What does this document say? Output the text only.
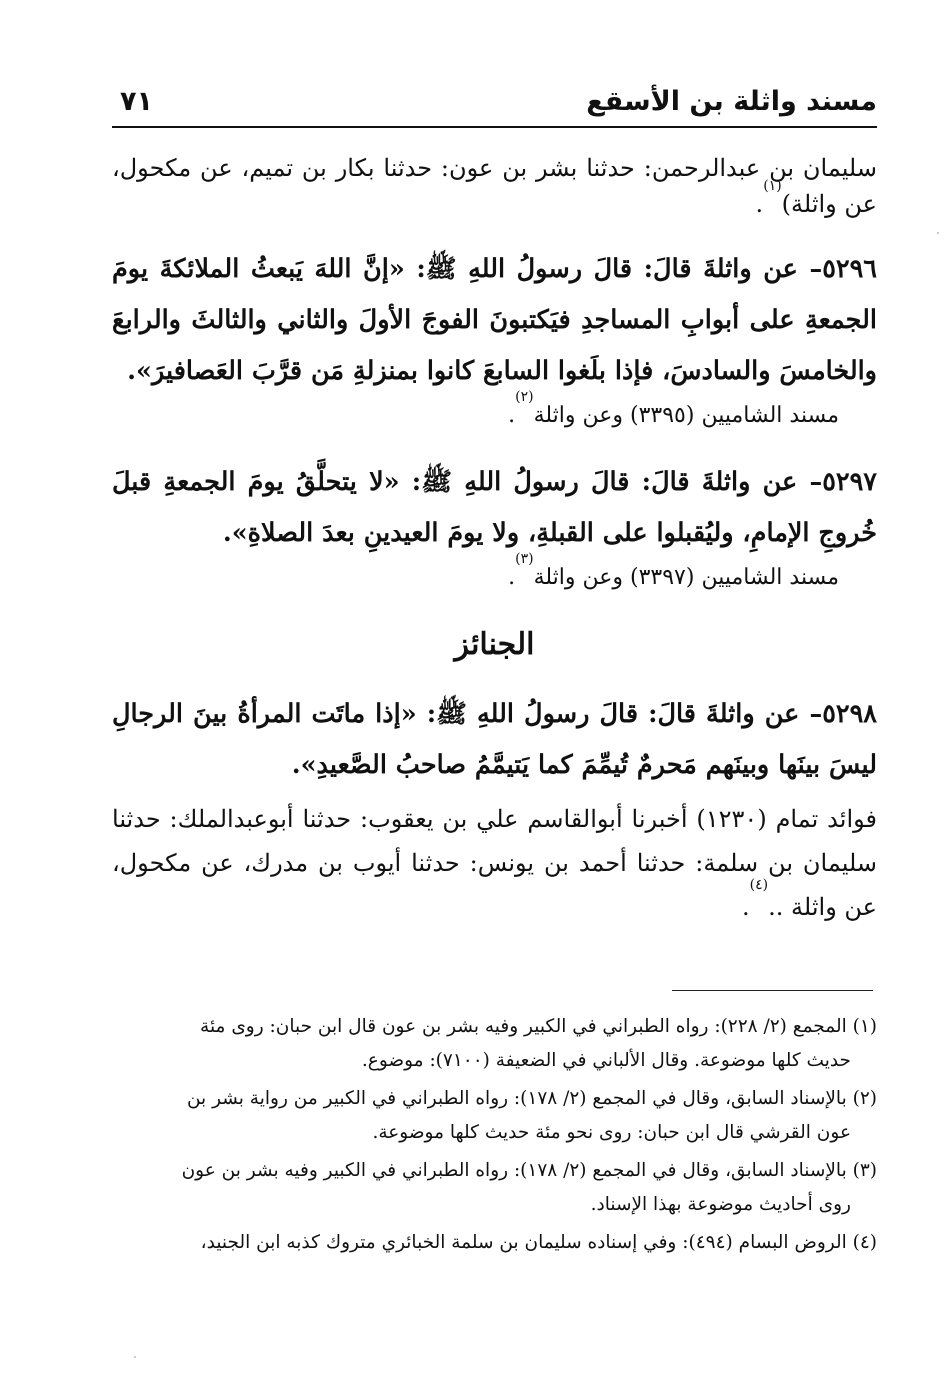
مسند واثلة بن الأسقع
٧١

سليمان بن عبدالرحمن: حدثنا بشر بن عون: حدثنا بكار بن تميم، عن مكحول، عن واثلة)$^{(١)}$.

٥٢٩٦– عن واثلةَ قالَ: قالَ رسولُ اللهِ ﷺ: «إنَّ اللهَ يَبعثُ الملائكةَ يومَ الجمعةِ على أبوابِ المساجدِ فيَكتبونَ الفوجَ الأولَ والثاني والثالثَ والرابعَ والخامسَ والسادسَ، فإذا بلَغوا السابعَ كانوا بمنزلةِ مَن قرَّبَ العَصافيرَ».

مسند الشاميين (٣٣٩٥) وعن واثلة$^{(٢)}$.

٥٢٩٧– عن واثلةَ قالَ: قالَ رسولُ اللهِ ﷺ: «لا يتحلَّقُ يومَ الجمعةِ قبلَ خُروجِ الإمامِ، وليُقبلوا على القبلةِ، ولا يومَ العيدينِ بعدَ الصلاةِ».

مسند الشاميين (٣٣٩٧) وعن واثلة$^{(٣)}$.

الجنائز

٥٢٩٨– عن واثلةَ قالَ: قالَ رسولُ اللهِ ﷺ: «إذا ماتَت المرأةُ بينَ الرجالِ ليسَ بينَها وبينَهم مَحرمٌ تُيمِّمَ كما يَتيمَّمُ صاحبُ الصَّعيدِ».

فوائد تمام (١٢٣٠) أخبرنا أبوالقاسم علي بن يعقوب: حدثنا أبوعبدالملك: حدثنا سليمان بن سلمة: حدثنا أحمد بن يونس: حدثنا أيوب بن مدرك، عن مكحول، عن واثلة ..$^{(٤)}$.

(١) المجمع (٢/ ٢٢٨): رواه الطبراني في الكبير وفيه بشر بن عون قال ابن حبان: روى مئة
حديث كلها موضوعة. وقال الألباني في الضعيفة (٧١٠٠): موضوع.

(٢) بالإسناد السابق، وقال في المجمع (٢/ ١٧٨): رواه الطبراني في الكبير من رواية بشر بن
عون القرشي قال ابن حبان: روى نحو مئة حديث كلها موضوعة.

(٣) بالإسناد السابق، وقال في المجمع (٢/ ١٧٨): رواه الطبراني في الكبير وفيه بشر بن عون
روى أحاديث موضوعة بهذا الإسناد.

(٤) الروض البسام (٤٩٤): وفي إسناده سليمان بن سلمة الخبائري متروك كذبه ابن الجنيد،
